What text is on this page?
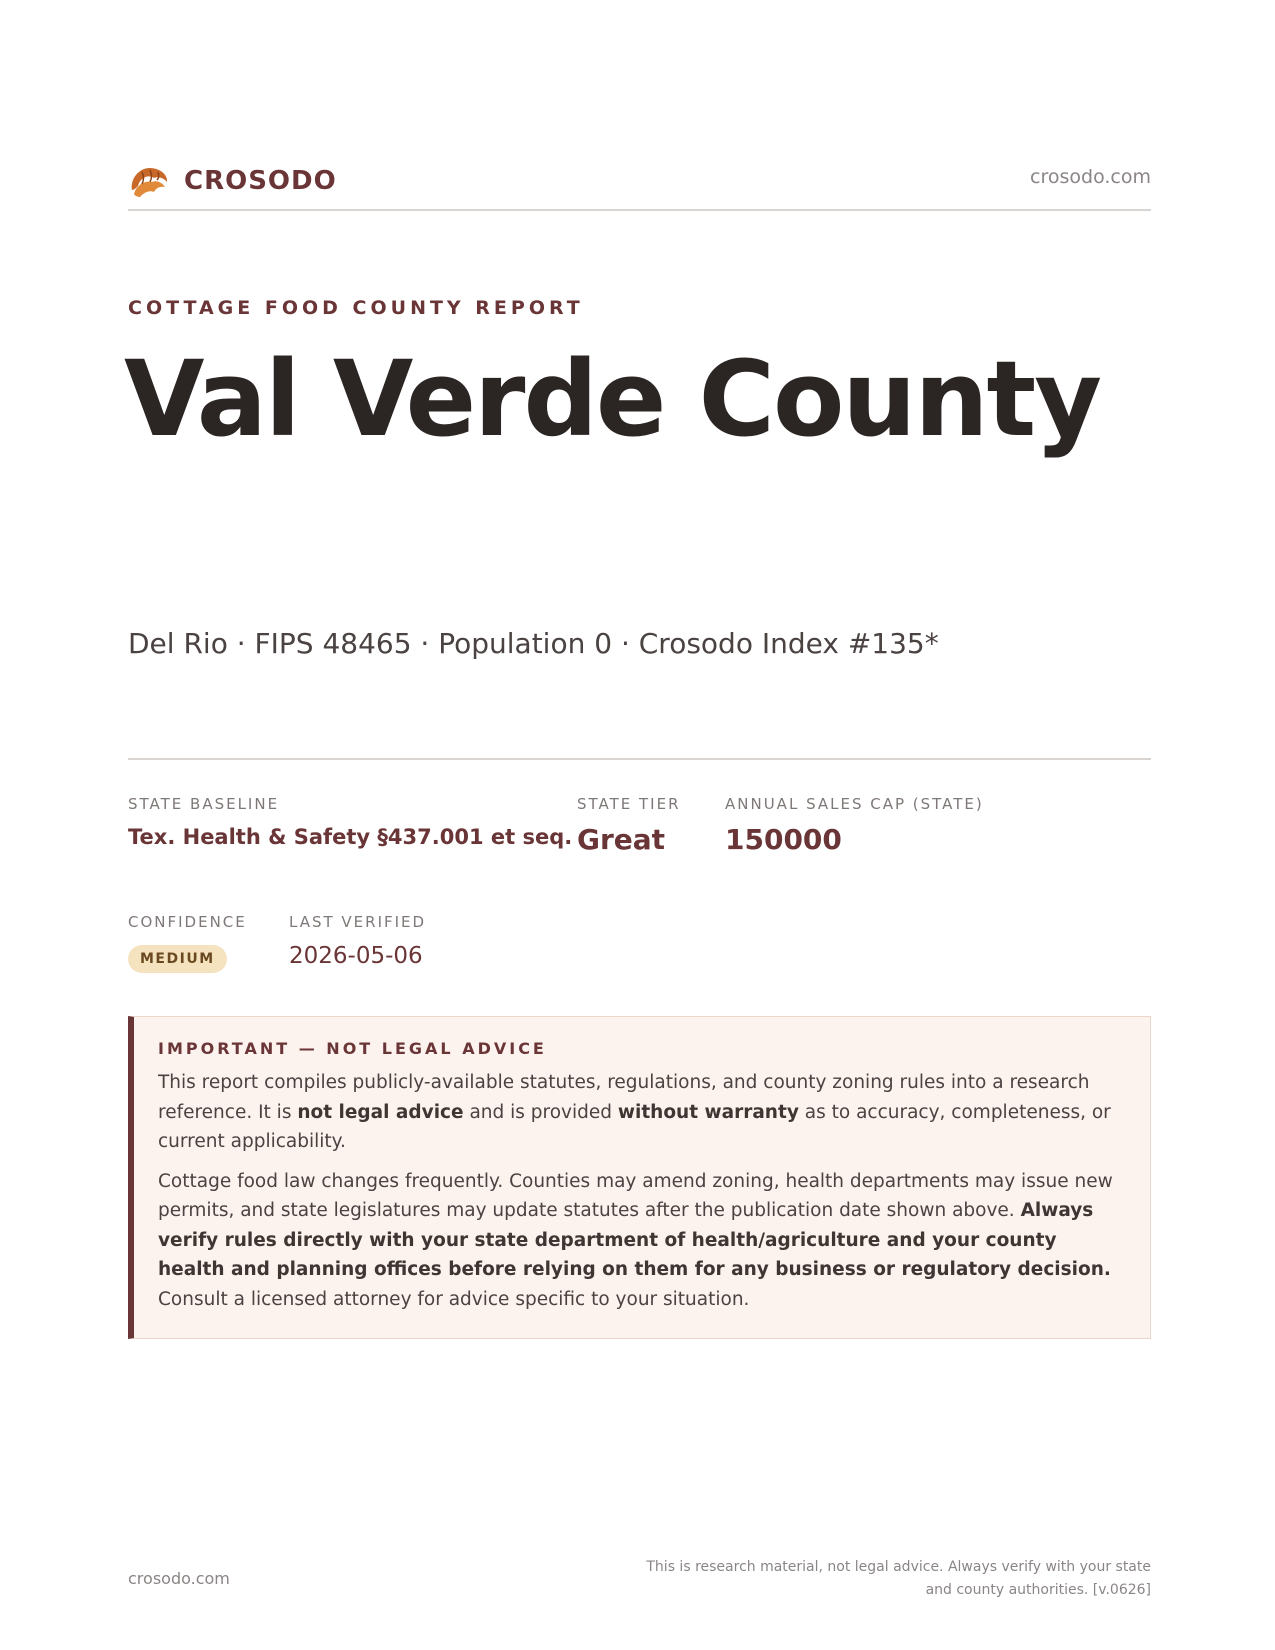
CROSODO	crosodo.com
COTTAGE FOOD COUNTY REPORT
Val Verde County
Del Rio · FIPS 48465 · Population 0 · Crosodo Index #135*
STATE BASELINE
Tex. Health & Safety §437.001 et seq.
STATE TIER
Great
ANNUAL SALES CAP (STATE)
150000
CONFIDENCE
MEDIUM
LAST VERIFIED
2026-05-06
IMPORTANT — NOT LEGAL ADVICE

This report compiles publicly-available statutes, regulations, and county zoning rules into a research reference. It is not legal advice and is provided without warranty as to accuracy, completeness, or current applicability.

Cottage food law changes frequently. Counties may amend zoning, health departments may issue new permits, and state legislatures may update statutes after the publication date shown above. Always verify rules directly with your state department of health/agriculture and your county health and planning offices before relying on them for any business or regulatory decision. Consult a licensed attorney for advice specific to your situation.

crosodo.com
This is research material, not legal advice. Always verify with your state
and county authorities. [v.0626]
